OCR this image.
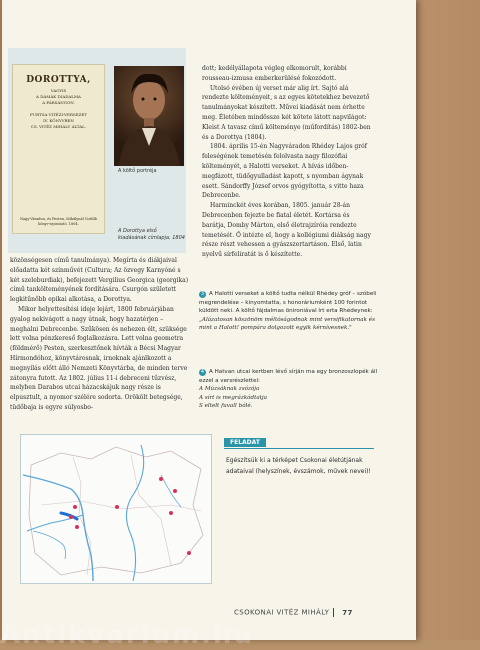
DOROTTYA,

VAGYIS

A DÁMÁK DIADALMA

A FÁRSÁNGON.

FURTSA VITÉZI-VERSEZET

IV. KÖNYVBEN

CS. VITÉZ MIHÁLY ÁLTAL.

Nagy-Váradon, és Pesten, Mihálynál Gottlib kőnyv-nyomtató. 1804.
A költő portréja
A Dorottya első kiadásának címlapja, 1804

közönségesen című tanulmánya). Megírta és diákjaival előadatta két színművét (Cultura; Az özvegy Karnyóné s két szeleburdiak), befejezett Vergilius Georgica (georgika) című tankölteményének fordítására. Csurgón született legkitűnőbb epikai alkotása, a Dorottya.

Mikor helyettesítési ideje lejárt, 1800 februárjában gyalog nekivágott a nagy útnak, hogy hazatérjen – meghalni Debrecenbe. Szűkösen és nehezen élt, szüksége lett volna pénzkereső foglalkozásra. Lett volna geometra (földmérő) Pesten, szerkesztőnek hívták a Bécsi Magyar Hírmondóhoz, könyvtárosnak, irnoknak ajánlkozott a megnyílás előtt álló Nemzeti Könyvtárba, de minden terve zátonyra futott. Az 1802. július 11-i debreceni tűzvész, melyben Darabos utcai házacskájuk nagy része is elpusztult, a nyomor szélére sodorta. Orökölt betegsége, tüdőbaja is egyre súlyosbo-

dott; kedélyállapota végleg elkomorult, korábbi rousseau-izmusa emberkerülésé fokozódott.

Utolsó évében új verset már alig írt. Sajtó alá rendezte költeményeit, s az egyes kötetekhez bevezető tanulmányokat készített. Művei kiadását nem érhette meg. Életében mindössze két kötete látott napvilágot: Kleist A tavasz című költeménye (műfordítás) 1802-ben és a Dorottya (1804).

1804. április 15-én Nagyváradon Rhédey Lajos gróf feleségének temetésén felolvasta nagy filozófiai költeményét, a Halotti verseket. A hívás időben-megfázott, tüdőgyulladást kapott, s nyomban ágynak esett. Sándorffy József orvos gyógyította, s vitte haza Debrecenbe.

Harminckét éves korában, 1805. január 28-án Debrecenben fejezte be fiatal életét. Kortársa és barátja, Domby Márton, első életrajzíróia rendezte temetését. Ő intézte el, hogy a kollégiumi diákság nagy része részt vehessen a gyászszertartáson. Első, latin nyelvű sírfeliratát is ő készítette.

3 A Halotti verseket a költő tudta nélkül Rhédey gróf – szóbeli megrendelése – kinyomtatta, s honoráriumként 100 forintot küldött neki. A költő fájdalmas önironiával írt erta Rhédeynek:
„Alázatosan köszönöm méltóságodnak mint versifikatornak és mint a Halott! pompára dolgozott egyik kérnívesnek."
4 A Hatvan utcai kertben lévő sírján ma egy bronzoszlopék áll ezzel a versrészlettel:
A Múzsáknak zsózója
A sírt is megrázkódtatja
S eltelt fuvall bólé.
FELADAT
Egészítsük ki a térképet Csokonai életútjának adataival (helyszínek, évszámok, művek nevei)!
CSOKONAI VITÉZ MIHÁLY 77
Antikvárium.hu
